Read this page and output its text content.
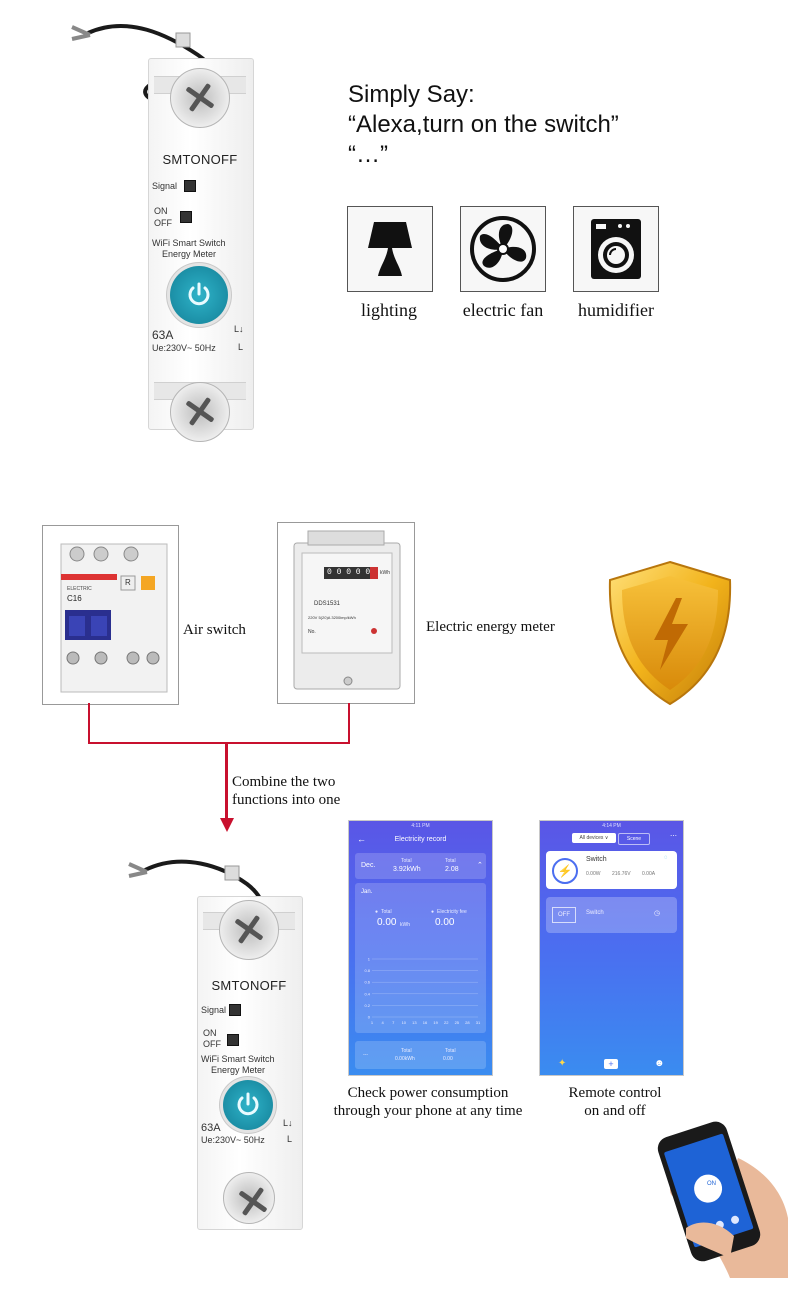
SMTONOFF
Signal
ON
OFF
WiFi Smart Switch
Energy Meter
63A
Ue:230V~ 50Hz
L↓
L
Simply Say:
“Alexa,turn on the switch”
“…”
lighting	electric fan	humidifier
ELECTRIC
C16
R
Air switch
0 0 0 0 0 kWh
DDS1531
220V 5(20)A 3200imp/kWh
No.	Electric energy meter
Combine the two
functions into one
SMTONOFF
Signal
ON
OFF
WiFi Smart Switch
Energy Meter
63A
Ue:230V~ 50Hz
L↓
L
4:11 PM
←	Electricity record
Dec.
Total
3.92kWh
Total
2.08
⌃
Jan.
● Total
0.00 kWh
● Electricity fee
0.00
1
0.8
0.6
0.4
0.2
0
1 4 7 10 13 16 19 22 25 28 31
---
Total
0.00kWh
Total
0.00
4:14 PM
All devices ∨	Scene	⋯
⚡
Switch	◌
0.00W 216.76V 0.00A
OFF	Switch	◷
✦	+	☻
Check power consumption
through your phone at any time
Remote control
on and off
ON
